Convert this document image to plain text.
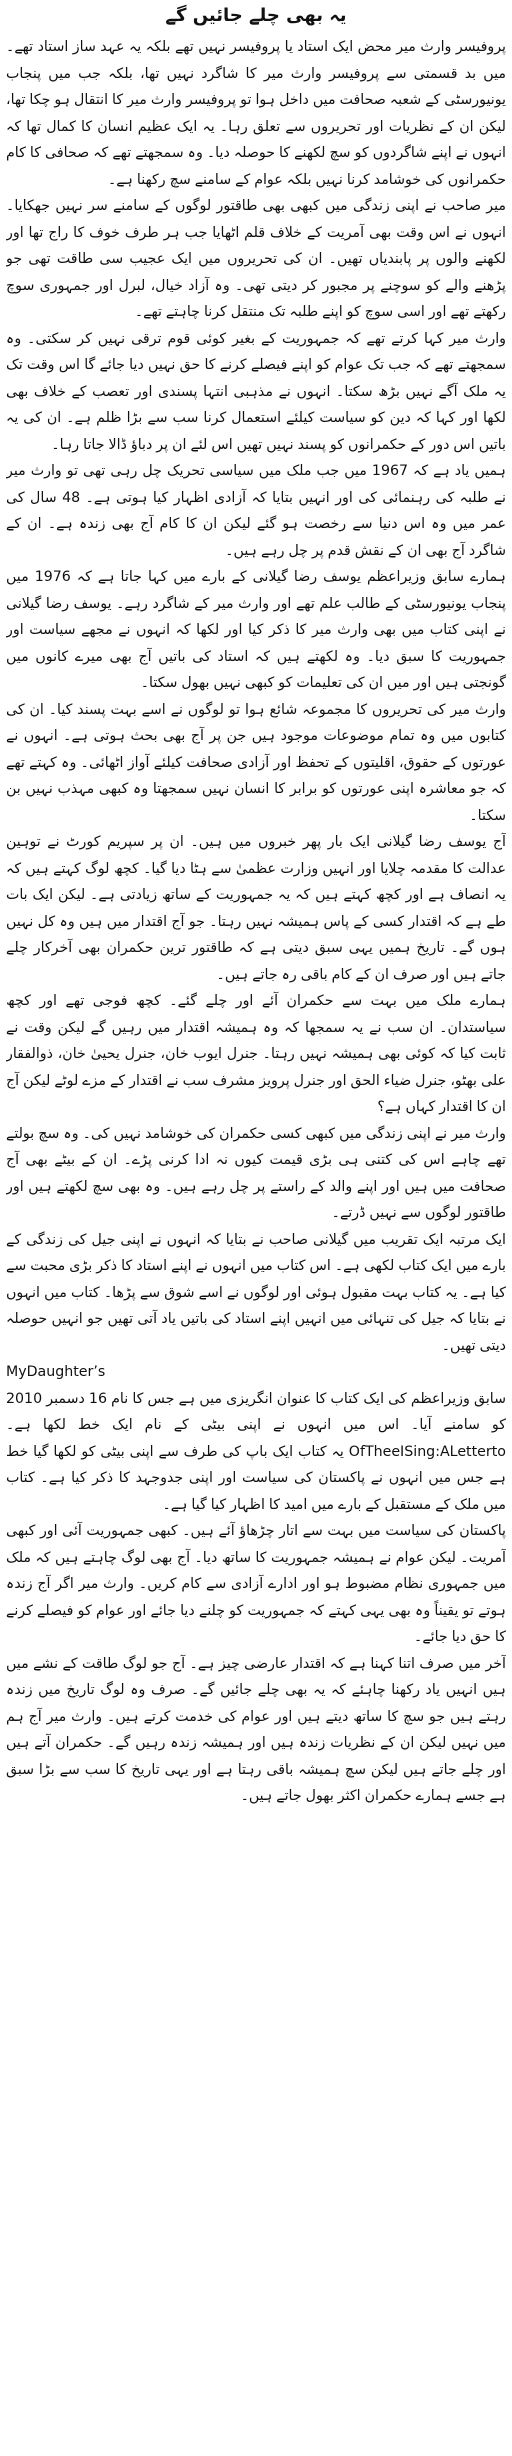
یہ بھی چلے جائیں گے

پروفیسر وارث میر محض ایک استاد یا پروفیسر نہیں تھے بلکہ یہ عہد ساز استاد تھے۔ میں بد قسمتی سے پروفیسر وارث میر کا شاگرد نہیں تھا، بلکہ جب میں پنجاب یونیورسٹی کے شعبہ صحافت میں داخل ہوا تو پروفیسر وارث میر کا انتقال ہو چکا تھا، لیکن ان کے نظریات اور تحریروں سے تعلق رہا۔ یہ ایک عظیم انسان کا کمال تھا کہ انہوں نے اپنے شاگردوں کو سچ لکھنے کا حوصلہ دیا۔ وہ سمجھتے تھے کہ صحافی کا کام حکمرانوں کی خوشامد کرنا نہیں بلکہ عوام کے سامنے سچ رکھنا ہے۔

میر صاحب نے اپنی زندگی میں کبھی بھی طاقتور لوگوں کے سامنے سر نہیں جھکایا۔ انہوں نے اس وقت بھی آمریت کے خلاف قلم اٹھایا جب ہر طرف خوف کا راج تھا اور لکھنے والوں پر پابندیاں تھیں۔ ان کی تحریروں میں ایک عجیب سی طاقت تھی جو پڑھنے والے کو سوچنے پر مجبور کر دیتی تھی۔ وہ آزاد خیال، لبرل اور جمہوری سوچ رکھتے تھے اور اسی سوچ کو اپنے طلبہ تک منتقل کرنا چاہتے تھے۔

وارث میر کہا کرتے تھے کہ جمہوریت کے بغیر کوئی قوم ترقی نہیں کر سکتی۔ وہ سمجھتے تھے کہ جب تک عوام کو اپنے فیصلے کرنے کا حق نہیں دیا جائے گا اس وقت تک یہ ملک آگے نہیں بڑھ سکتا۔ انہوں نے مذہبی انتہا پسندی اور تعصب کے خلاف بھی لکھا اور کہا کہ دین کو سیاست کیلئے استعمال کرنا سب سے بڑا ظلم ہے۔ ان کی یہ باتیں اس دور کے حکمرانوں کو پسند نہیں تھیں اس لئے ان پر دباؤ ڈالا جاتا رہا۔

ہمیں یاد ہے کہ 1967 میں جب ملک میں سیاسی تحریک چل رہی تھی تو وارث میر نے طلبہ کی رہنمائی کی اور انہیں بتایا کہ آزادی اظہار کیا ہوتی ہے۔ 48 سال کی عمر میں وہ اس دنیا سے رخصت ہو گئے لیکن ان کا کام آج بھی زندہ ہے۔ ان کے شاگرد آج بھی ان کے نقش قدم پر چل رہے ہیں۔

ہمارے سابق وزیراعظم یوسف رضا گیلانی کے بارے میں کہا جاتا ہے کہ 1976 میں پنجاب یونیورسٹی کے طالب علم تھے اور وارث میر کے شاگرد رہے۔ یوسف رضا گیلانی نے اپنی کتاب میں بھی وارث میر کا ذکر کیا اور لکھا کہ انہوں نے مجھے سیاست اور جمہوریت کا سبق دیا۔ وہ لکھتے ہیں کہ استاد کی باتیں آج بھی میرے کانوں میں گونجتی ہیں اور میں ان کی تعلیمات کو کبھی نہیں بھول سکتا۔

وارث میر کی تحریروں کا مجموعہ شائع ہوا تو لوگوں نے اسے بہت پسند کیا۔ ان کی کتابوں میں وہ تمام موضوعات موجود ہیں جن پر آج بھی بحث ہوتی ہے۔ انہوں نے عورتوں کے حقوق، اقلیتوں کے تحفظ اور آزادی صحافت کیلئے آواز اٹھائی۔ وہ کہتے تھے کہ جو معاشرہ اپنی عورتوں کو برابر کا انسان نہیں سمجھتا وہ کبھی مہذب نہیں بن سکتا۔

آج یوسف رضا گیلانی ایک بار پھر خبروں میں ہیں۔ ان پر سپریم کورٹ نے توہین عدالت کا مقدمہ چلایا اور انہیں وزارت عظمیٰ سے ہٹا دیا گیا۔ کچھ لوگ کہتے ہیں کہ یہ انصاف ہے اور کچھ کہتے ہیں کہ یہ جمہوریت کے ساتھ زیادتی ہے۔ لیکن ایک بات طے ہے کہ اقتدار کسی کے پاس ہمیشہ نہیں رہتا۔ جو آج اقتدار میں ہیں وہ کل نہیں ہوں گے۔ تاریخ ہمیں یہی سبق دیتی ہے کہ طاقتور ترین حکمران بھی آخرکار چلے جاتے ہیں اور صرف ان کے کام باقی رہ جاتے ہیں۔

ہمارے ملک میں بہت سے حکمران آئے اور چلے گئے۔ کچھ فوجی تھے اور کچھ سیاستدان۔ ان سب نے یہ سمجھا کہ وہ ہمیشہ اقتدار میں رہیں گے لیکن وقت نے ثابت کیا کہ کوئی بھی ہمیشہ نہیں رہتا۔ جنرل ایوب خان، جنرل یحییٰ خان، ذوالفقار علی بھٹو، جنرل ضیاء الحق اور جنرل پرویز مشرف سب نے اقتدار کے مزے لوٹے لیکن آج ان کا اقتدار کہاں ہے؟

وارث میر نے اپنی زندگی میں کبھی کسی حکمران کی خوشامد نہیں کی۔ وہ سچ بولتے تھے چاہے اس کی کتنی ہی بڑی قیمت کیوں نہ ادا کرنی پڑے۔ ان کے بیٹے بھی آج صحافت میں ہیں اور اپنے والد کے راستے پر چل رہے ہیں۔ وہ بھی سچ لکھتے ہیں اور طاقتور لوگوں سے نہیں ڈرتے۔

ایک مرتبہ ایک تقریب میں گیلانی صاحب نے بتایا کہ انہوں نے اپنی جیل کی زندگی کے بارے میں ایک کتاب لکھی ہے۔ اس کتاب میں انہوں نے اپنے استاد کا ذکر بڑی محبت سے کیا ہے۔ یہ کتاب بہت مقبول ہوئی اور لوگوں نے اسے شوق سے پڑھا۔ کتاب میں انہوں نے بتایا کہ جیل کی تنہائی میں انہیں اپنے استاد کی باتیں یاد آتی تھیں جو انہیں حوصلہ دیتی تھیں۔

MyDaughter’s

سابق وزیراعظم کی ایک کتاب کا عنوان انگریزی میں ہے جس کا نام 16 دسمبر 2010 کو سامنے آیا۔ اس میں انہوں نے اپنی بیٹی کے نام ایک خط لکھا ہے۔ OfTheeISing:ALetterto یہ کتاب ایک باپ کی طرف سے اپنی بیٹی کو لکھا گیا خط ہے جس میں انہوں نے پاکستان کی سیاست اور اپنی جدوجہد کا ذکر کیا ہے۔ کتاب میں ملک کے مستقبل کے بارے میں امید کا اظہار کیا گیا ہے۔

پاکستان کی سیاست میں بہت سے اتار چڑھاؤ آئے ہیں۔ کبھی جمہوریت آئی اور کبھی آمریت۔ لیکن عوام نے ہمیشہ جمہوریت کا ساتھ دیا۔ آج بھی لوگ چاہتے ہیں کہ ملک میں جمہوری نظام مضبوط ہو اور ادارے آزادی سے کام کریں۔ وارث میر اگر آج زندہ ہوتے تو یقیناً وہ بھی یہی کہتے کہ جمہوریت کو چلنے دیا جائے اور عوام کو فیصلے کرنے کا حق دیا جائے۔

آخر میں صرف اتنا کہنا ہے کہ اقتدار عارضی چیز ہے۔ آج جو لوگ طاقت کے نشے میں ہیں انہیں یاد رکھنا چاہئے کہ یہ بھی چلے جائیں گے۔ صرف وہ لوگ تاریخ میں زندہ رہتے ہیں جو سچ کا ساتھ دیتے ہیں اور عوام کی خدمت کرتے ہیں۔ وارث میر آج ہم میں نہیں لیکن ان کے نظریات زندہ ہیں اور ہمیشہ زندہ رہیں گے۔ حکمران آتے ہیں اور چلے جاتے ہیں لیکن سچ ہمیشہ باقی رہتا ہے اور یہی تاریخ کا سب سے بڑا سبق ہے جسے ہمارے حکمران اکثر بھول جاتے ہیں۔
